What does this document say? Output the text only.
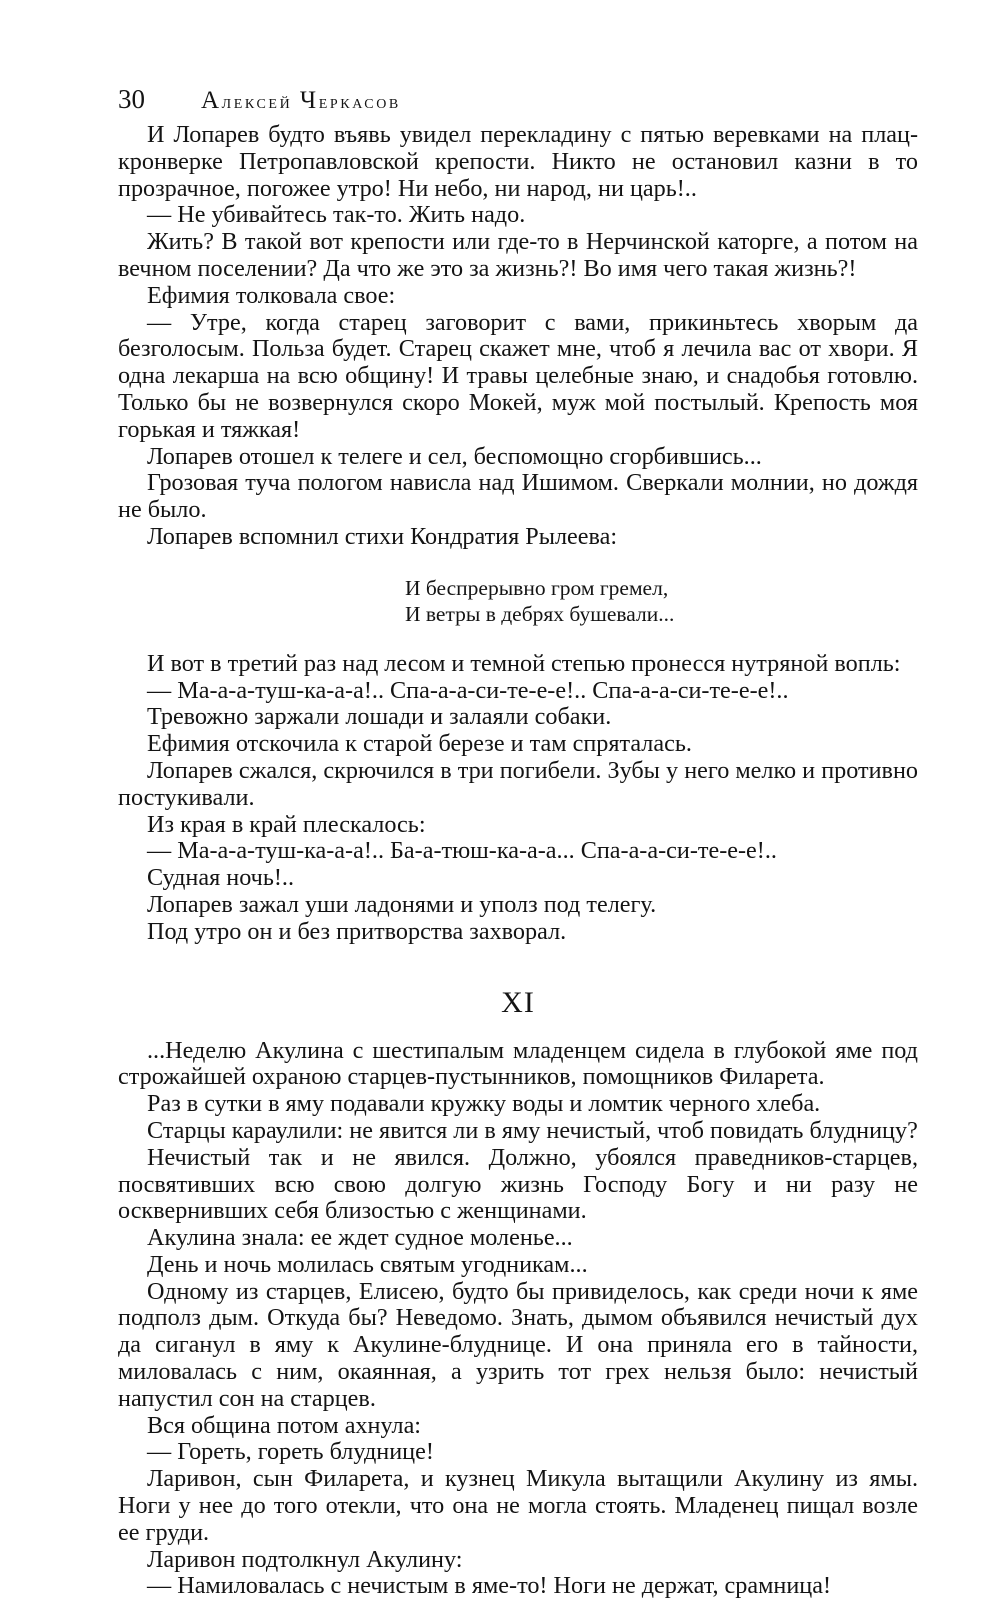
30 Алексей Черкасов

И Лопарев будто въявь увидел перекладину с пятью веревками на плац-кронверке Петропавловской крепости. Никто не остановил казни в то прозрачное, погожее утро! Ни небо, ни народ, ни царь!..

— Не убивайтесь так-то. Жить надо.

Жить? В такой вот крепости или где-то в Нерчинской каторге, а потом на вечном поселении? Да что же это за жизнь?! Во имя чего такая жизнь?!

Ефимия толковала свое:

— Утре, когда старец заговорит с вами, прикиньтесь хворым да безголосым. Польза будет. Старец скажет мне, чтоб я лечила вас от хвори. Я одна лекарша на всю общину! И травы целебные знаю, и снадобья готовлю. Только бы не возвернулся скоро Мокей, муж мой постылый. Крепость моя горькая и тяжкая!

Лопарев отошел к телеге и сел, беспомощно сгорбившись...

Грозовая туча пологом нависла над Ишимом. Сверкали молнии, но дождя не было.

Лопарев вспомнил стихи Кондратия Рылеева:

И беспрерывно гром гремел,
И ветры в дебрях бушевали...

И вот в третий раз над лесом и темной степью пронесся нутряной вопль:

— Ма-а-а-туш-ка-а-а!.. Спа-а-а-си-те-е-е!.. Спа-а-а-си-те-е-е!..

Тревожно заржали лошади и залаяли собаки.

Ефимия отскочила к старой березе и там спряталась.

Лопарев сжался, скрючился в три погибели. Зубы у него мелко и противно постукивали.

Из края в край плескалось:

— Ма-а-а-туш-ка-а-а!.. Ба-а-тюш-ка-а-а... Спа-а-а-си-те-е-е!..

Судная ночь!..

Лопарев зажал уши ладонями и уполз под телегу.

Под утро он и без притворства захворал.

XI

...Неделю Акулина с шестипалым младенцем сидела в глубокой яме под строжайшей охраною старцев-пустынников, помощников Филарета.

Раз в сутки в яму подавали кружку воды и ломтик черного хлеба.

Старцы караулили: не явится ли в яму нечистый, чтоб повидать блудницу?

Нечистый так и не явился. Должно, убоялся праведников-старцев, посвятивших всю свою долгую жизнь Господу Богу и ни разу не осквернивших себя близостью с женщинами.

Акулина знала: ее ждет судное моленье...

День и ночь молилась святым угодникам...

Одному из старцев, Елисею, будто бы привиделось, как среди ночи к яме подполз дым. Откуда бы? Неведомо. Знать, дымом объявился нечистый дух да сиганул в яму к Акулине-блуднице. И она приняла его в тайности, миловалась с ним, окаянная, а узрить тот грех нельзя было: нечистый напустил сон на старцев.

Вся община потом ахнула:

— Гореть, гореть блуднице!

Ларивон, сын Филарета, и кузнец Микула вытащили Акулину из ямы. Ноги у нее до того отекли, что она не могла стоять. Младенец пищал возле ее груди.

Ларивон подтолкнул Акулину:

— Намиловалась с нечистым в яме-то! Ноги не держат, срамница!
